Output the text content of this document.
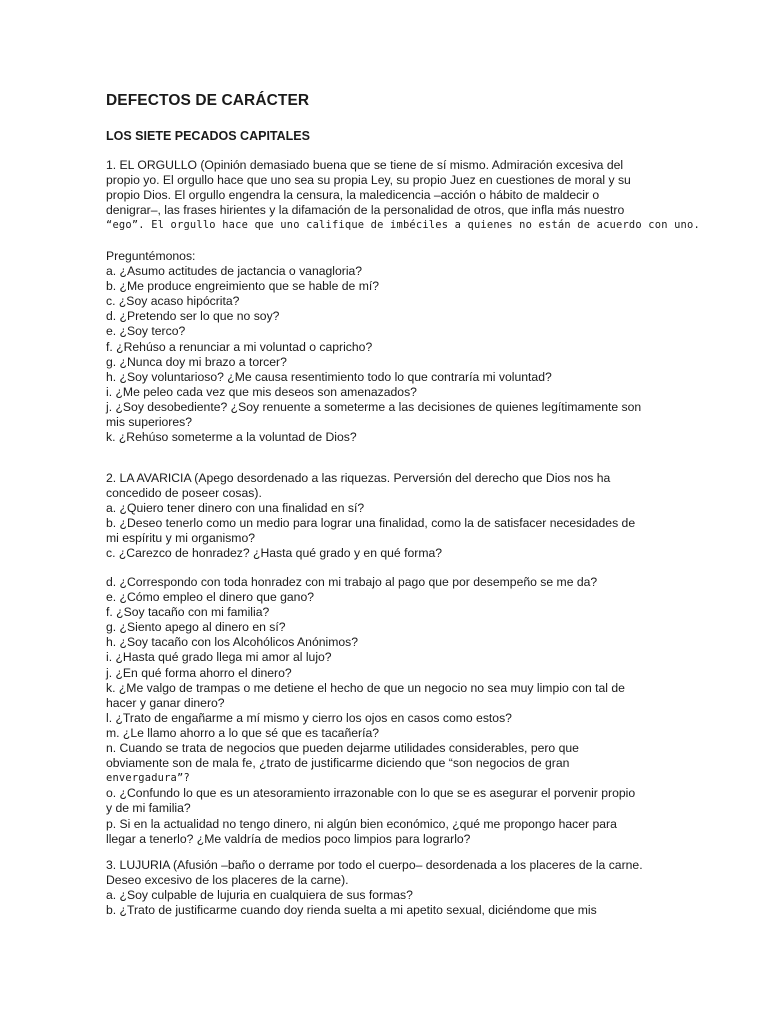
DEFECTOS DE CARÁCTER
LOS SIETE PECADOS CAPITALES
1. EL ORGULLO (Opinión demasiado buena que se tiene de sí mismo. Admiración excesiva del
propio yo. El orgullo hace que uno sea su propia Ley, su propio Juez en cuestiones de moral y su
propio Dios. El orgullo engendra la censura, la maledicencia –acción o hábito de maldecir o
denigrar–, las frases hirientes y la difamación de la personalidad de otros, que infla más nuestro
“ego”. El orgullo hace que uno califique de imbéciles a quienes no están de acuerdo con uno.
Preguntémonos:
a. ¿Asumo actitudes de jactancia o vanagloria?
b. ¿Me produce engreimiento que se hable de mí?
c. ¿Soy acaso hipócrita?
d. ¿Pretendo ser lo que no soy?
e. ¿Soy terco?
f. ¿Rehúso a renunciar a mi voluntad o capricho?
g. ¿Nunca doy mi brazo a torcer?
h. ¿Soy voluntarioso? ¿Me causa resentimiento todo lo que contraría mi voluntad?
i. ¿Me peleo cada vez que mis deseos son amenazados?
j. ¿Soy desobediente? ¿Soy renuente a someterme a las decisiones de quienes legítimamente son
mis superiores?
k. ¿Rehúso someterme a la voluntad de Dios?
2. LA AVARICIA (Apego desordenado a las riquezas. Perversión del derecho que Dios nos ha
concedido de poseer cosas).
a. ¿Quiero tener dinero con una finalidad en sí?
b. ¿Deseo tenerlo como un medio para lograr una finalidad, como la de satisfacer necesidades de
mi espíritu y mi organismo?
c. ¿Carezco de honradez? ¿Hasta qué grado y en qué forma?
d. ¿Correspondo con toda honradez con mi trabajo al pago que por desempeño se me da?
e. ¿Cómo empleo el dinero que gano?
f. ¿Soy tacaño con mi familia?
g. ¿Siento apego al dinero en sí?
h. ¿Soy tacaño con los Alcohólicos Anónimos?
i. ¿Hasta qué grado llega mi amor al lujo?
j. ¿En qué forma ahorro el dinero?
k. ¿Me valgo de trampas o me detiene el hecho de que un negocio no sea muy limpio con tal de
hacer y ganar dinero?
l. ¿Trato de engañarme a mí mismo y cierro los ojos en casos como estos?
m. ¿Le llamo ahorro a lo que sé que es tacañería?
n. Cuando se trata de negocios que pueden dejarme utilidades considerables, pero que
obviamente son de mala fe, ¿trato de justificarme diciendo que “son negocios de gran
envergadura”?
o. ¿Confundo lo que es un atesoramiento irrazonable con lo que se es asegurar el porvenir propio
y de mi familia?
p. Si en la actualidad no tengo dinero, ni algún bien económico, ¿qué me propongo hacer para
llegar a tenerlo? ¿Me valdría de medios poco limpios para lograrlo?
3. LUJURIA (Afusión –baño o derrame por todo el cuerpo– desordenada a los placeres de la carne.
Deseo excesivo de los placeres de la carne).
a. ¿Soy culpable de lujuria en cualquiera de sus formas?
b. ¿Trato de justificarme cuando doy rienda suelta a mi apetito sexual, diciéndome que mis
